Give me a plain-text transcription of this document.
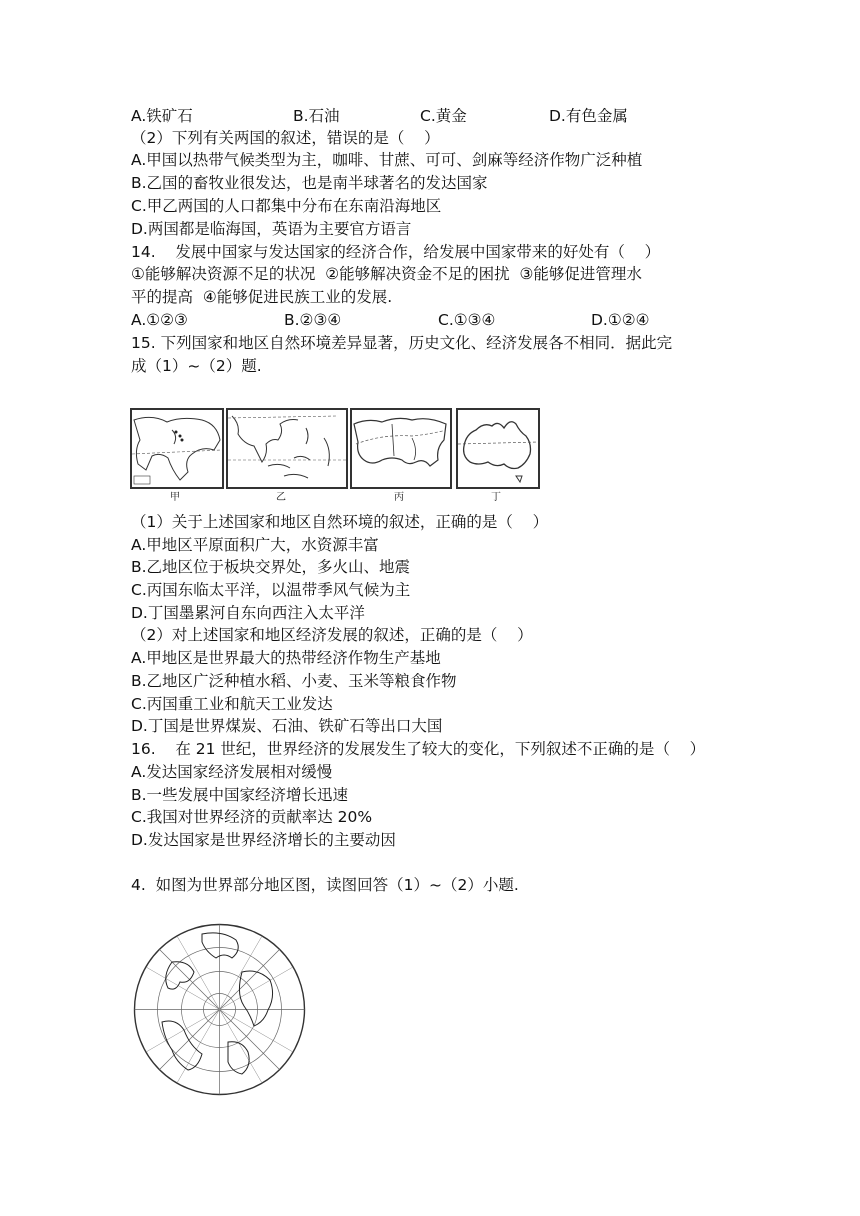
A.铁矿石	B.石油	C.黄金	D.有色金属
（2）下列有关两国的叙述，错误的是（    ）
A.甲国以热带气候类型为主，咖啡、甘蔗、可可、剑麻等经济作物广泛种植
B.乙国的畜牧业很发达，也是南半球著名的发达国家
C.甲乙两国的人口都集中分布在东南沿海地区
D.两国都是临海国，英语为主要官方语言
14.    发展中国家与发达国家的经济合作，给发展中国家带来的好处有（    ）
①能够解决资源不足的状况  ②能够解决资金不足的困扰  ③能够促进管理水
平的提高  ④能够促进民族工业的发展.
A.①②③	B.②③④	C.①③④	D.①②④
15. 下列国家和地区自然环境差异显著，历史文化、经济发展各不相同．据此完
成（1）~（2）题.
甲	乙	丙	丁
（1）关于上述国家和地区自然环境的叙述，正确的是（    ）
A.甲地区平原面积广大，水资源丰富
B.乙地区位于板块交界处，多火山、地震
C.丙国东临太平洋，以温带季风气候为主
D.丁国墨累河自东向西注入太平洋
（2）对上述国家和地区经济发展的叙述，正确的是（    ）
A.甲地区是世界最大的热带经济作物生产基地
B.乙地区广泛种植水稻、小麦、玉米等粮食作物
C.丙国重工业和航天工业发达
D.丁国是世界煤炭、石油、铁矿石等出口大国
16.    在 21 世纪，世界经济的发展发生了较大的变化，下列叙述不正确的是（    ）
A.发达国家经济发展相对缓慢
B.一些发展中国家经济增长迅速
C.我国对世界经济的贡献率达 20%
D.发达国家是世界经济增长的主要动因
4.  如图为世界部分地区图，读图回答（1）~（2）小题.
